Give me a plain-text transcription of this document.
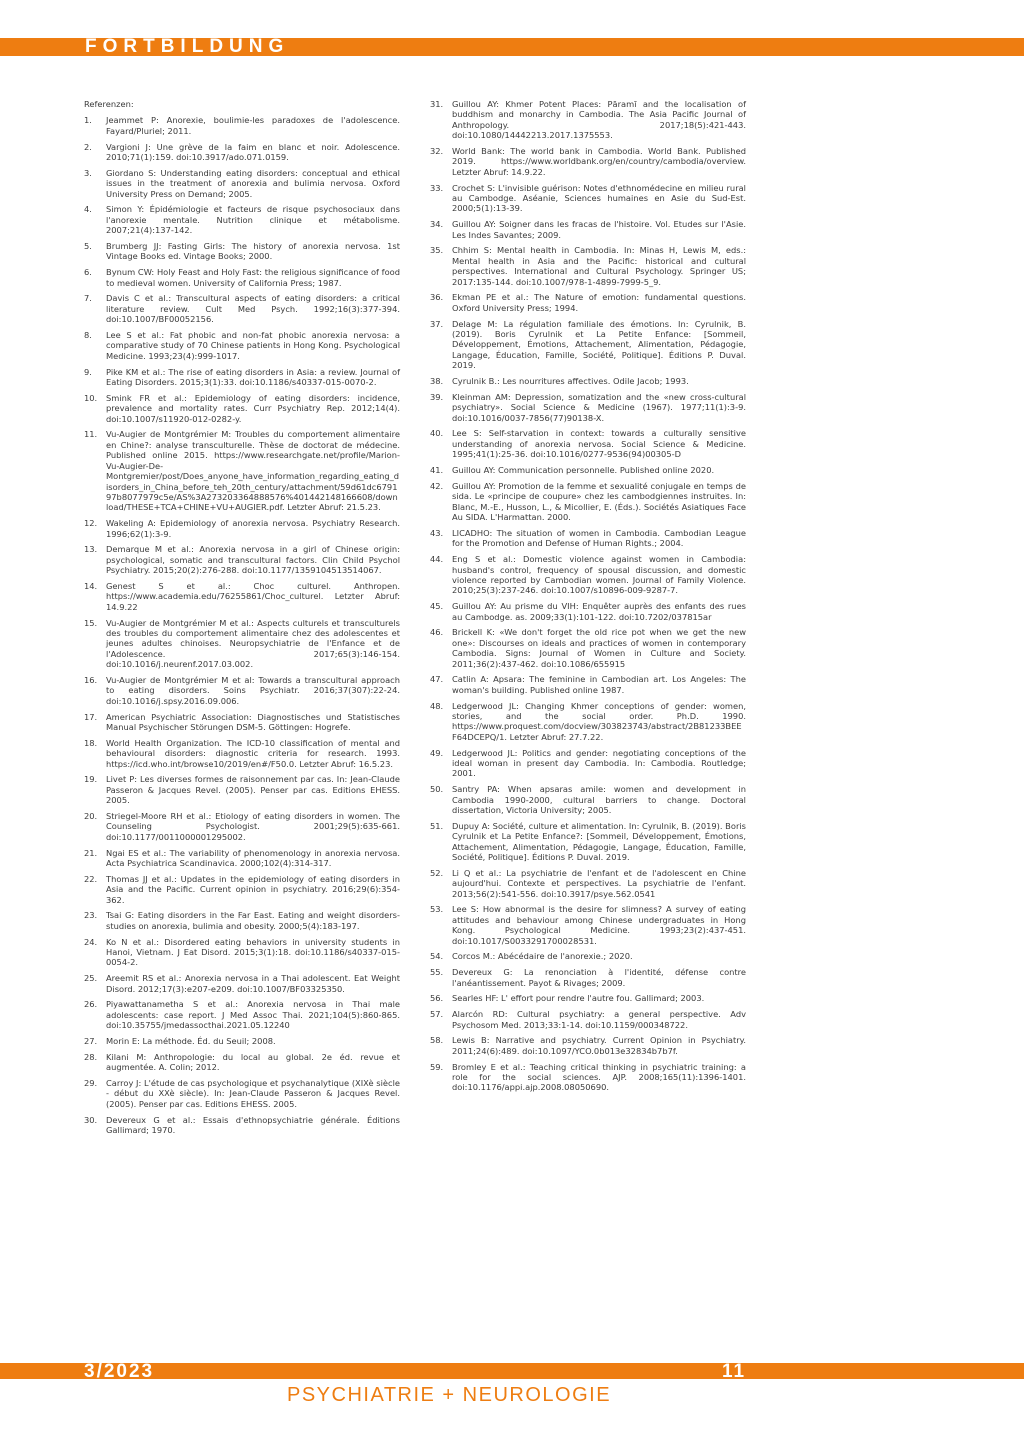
FORTBILDUNG
Referenzen:
1.	Jeammet P: Anorexie, boulimie-les paradoxes de l'adolescence. Fayard/Pluriel; 2011.
2.	Vargioni J: Une grève de la faim en blanc et noir. Adolescence. 2010;71(1):159. doi:10.3917/ado.071.0159.
3.	Giordano S: Understanding eating disorders: conceptual and ethical issues in the treatment of anorexia and bulimia nervosa. Oxford University Press on Demand; 2005.
4.	Simon Y: Épidémiologie et facteurs de risque psychosociaux dans l'anorexie mentale. Nutrition clinique et métabolisme. 2007;21(4):137-142.
5.	Brumberg JJ: Fasting Girls: The history of anorexia nervosa. 1st Vintage Books ed. Vintage Books; 2000.
6.	Bynum CW: Holy Feast and Holy Fast: the religious significance of food to medieval women. University of California Press; 1987.
7.	Davis C et al.: Transcultural aspects of eating disorders: a critical literature review. Cult Med Psych. 1992;16(3):377-394. doi:10.1007/BF00052156.
8.	Lee S et al.: Fat phobic and non-fat phobic anorexia nervosa: a comparative study of 70 Chinese patients in Hong Kong. Psychological Medicine. 1993;23(4):999-1017.
9.	Pike KM et al.: The rise of eating disorders in Asia: a review. Journal of Eating Disorders. 2015;3(1):33. doi:10.1186/s40337-015-0070-2.
10.	Smink FR et al.: Epidemiology of eating disorders: incidence, prevalence and mortality rates. Curr Psychiatry Rep. 2012;14(4). doi:10.1007/s11920-012-0282-y.
11.	Vu-Augier de Montgrémier M: Troubles du comportement alimentaire en Chine?: analyse transculturelle. Thèse de doctorat de médecine. Published online 2015. https://www.researchgate.net/profile/Marion-Vu-Augier-De-Montgremier/post/Does_anyone_have_information_regarding_eating_disorders_in_China_before_teh_20th_century/attachment/59d61dc679197b8077979c5e/AS%3A273203364888576%401442148166608/download/THESE+TCA+CHINE+VU+AUGIER.pdf. Letzter Abruf: 21.5.23.
12.	Wakeling A: Epidemiology of anorexia nervosa. Psychiatry Research. 1996;62(1):3-9.
13.	Demarque M et al.: Anorexia nervosa in a girl of Chinese origin: psychological, somatic and transcultural factors. Clin Child Psychol Psychiatry. 2015;20(2):276-288. doi:10.1177/1359104513514067.
14.	Genest S et al.: Choc culturel. Anthropen. https://www.academia.edu/76255861/Choc_culturel. Letzter Abruf: 14.9.22
15.	Vu-Augier de Montgrémier M et al.: Aspects culturels et transculturels des troubles du comportement alimentaire chez des adolescentes et jeunes adultes chinoises. Neuropsychiatrie de l'Enfance et de l'Adolescence. 2017;65(3):146-154. doi:10.1016/j.neurenf.2017.03.002.
16.	Vu-Augier de Montgrémier M et al: Towards a transcultural approach to eating disorders. Soins Psychiatr. 2016;37(307):22-24. doi:10.1016/j.spsy.2016.09.006.
17.	American Psychiatric Association: Diagnostisches und Statistisches Manual Psychischer Störungen DSM-5. Göttingen: Hogrefe.
18.	World Health Organization. The ICD-10 classification of mental and behavioural disorders: diagnostic criteria for research. 1993. https://icd.who.int/browse10/2019/en#/F50.0. Letzter Abruf: 16.5.23.
19.	Livet P: Les diverses formes de raisonnement par cas. In: Jean-Claude Passeron & Jacques Revel. (2005). Penser par cas. Editions EHESS. 2005.
20.	Striegel-Moore RH et al.: Etiology of eating disorders in women. The Counseling Psychologist. 2001;29(5):635-661. doi:10.1177/0011000001295002.
21.	Ngai ES et al.: The variability of phenomenology in anorexia nervosa. Acta Psychiatrica Scandinavica. 2000;102(4):314-317.
22.	Thomas JJ et al.: Updates in the epidemiology of eating disorders in Asia and the Pacific. Current opinion in psychiatry. 2016;29(6):354-362.
23.	Tsai G: Eating disorders in the Far East. Eating and weight disorders-studies on anorexia, bulimia and obesity. 2000;5(4):183-197.
24.	Ko N et al.: Disordered eating behaviors in university students in Hanoi, Vietnam. J Eat Disord. 2015;3(1):18. doi:10.1186/s40337-015-0054-2.
25.	Areemit RS et al.: Anorexia nervosa in a Thai adolescent. Eat Weight Disord. 2012;17(3):e207-e209. doi:10.1007/BF03325350.
26.	Piyawattanametha S et al.: Anorexia nervosa in Thai male adolescents: case report. J Med Assoc Thai. 2021;104(5):860-865. doi:10.35755/jmedassocthai.2021.05.12240
27.	Morin E: La méthode. Éd. du Seuil; 2008.
28.	Kilani M: Anthropologie: du local au global. 2e éd. revue et augmentée. A. Colin; 2012.
29.	Carroy J: L'étude de cas psychologique et psychanalytique (XIXè siècle - début du XXè siècle). In: Jean-Claude Passeron & Jacques Revel. (2005). Penser par cas. Editions EHESS. 2005.
30.	Devereux G et al.: Essais d'ethnopsychiatrie générale. Éditions Gallimard; 1970.
31.	Guillou AY: Khmer Potent Places: Pāramī and the localisation of buddhism and monarchy in Cambodia. The Asia Pacific Journal of Anthropology. 2017;18(5):421-443. doi:10.1080/14442213.2017.1375553.
32.	World Bank: The world bank in Cambodia. World Bank. Published 2019. https://www.worldbank.org/en/country/cambodia/overview. Letzter Abruf: 14.9.22.
33.	Crochet S: L'invisible guérison: Notes d'ethnomédecine en milieu rural au Cambodge. Aséanie, Sciences humaines en Asie du Sud-Est. 2000;5(1):13-39.
34.	Guillou AY: Soigner dans les fracas de l'histoire. Vol. Etudes sur l'Asie. Les Indes Savantes; 2009.
35.	Chhim S: Mental health in Cambodia. In: Minas H, Lewis M, eds.: Mental health in Asia and the Pacific: historical and cultural perspectives. International and Cultural Psychology. Springer US; 2017:135-144. doi:10.1007/978-1-4899-7999-5_9.
36.	Ekman PE et al.: The Nature of emotion: fundamental questions. Oxford University Press; 1994.
37.	Delage M: La régulation familiale des émotions. In: Cyrulnik, B. (2019). Boris Cyrulnik et La Petite Enfance: [Sommeil, Développement, Émotions, Attachement, Alimentation, Pédagogie, Langage, Éducation, Famille, Société, Politique]. Éditions P. Duval. 2019.
38.	Cyrulnik B.: Les nourritures affectives. Odile Jacob; 1993.
39.	Kleinman AM: Depression, somatization and the «new cross-cultural psychiatry». Social Science & Medicine (1967). 1977;11(1):3-9. doi:10.1016/0037-7856(77)90138-X.
40.	Lee S: Self-starvation in context: towards a culturally sensitive understanding of anorexia nervosa. Social Science & Medicine. 1995;41(1):25-36. doi:10.1016/0277-9536(94)00305-D
41.	Guillou AY: Communication personnelle. Published online 2020.
42.	Guillou AY: Promotion de la femme et sexualité conjugale en temps de sida. Le «principe de coupure» chez les cambodgiennes instruites. In: Blanc, M.-E., Husson, L., & Micollier, E. (Éds.). Sociétés Asiatiques Face Au SIDA. L'Harmattan. 2000.
43.	LICADHO: The situation of women in Cambodia. Cambodian League for the Promotion and Defense of Human Rights.; 2004.
44.	Eng S et al.: Domestic violence against women in Cambodia: husband's control, frequency of spousal discussion, and domestic violence reported by Cambodian women. Journal of Family Violence. 2010;25(3):237-246. doi:10.1007/s10896-009-9287-7.
45.	Guillou AY: Au prisme du VIH: Enquêter auprès des enfants des rues au Cambodge. as. 2009;33(1):101-122. doi:10.7202/037815ar
46.	Brickell K: «We don't forget the old rice pot when we get the new one»: Discourses on ideals and practices of women in contemporary Cambodia. Signs: Journal of Women in Culture and Society. 2011;36(2):437-462. doi:10.1086/655915
47.	Catlin A: Apsara: The feminine in Cambodian art. Los Angeles: The woman's building. Published online 1987.
48.	Ledgerwood JL: Changing Khmer conceptions of gender: women, stories, and the social order. Ph.D. 1990. https://www.proquest.com/docview/303823743/abstract/2B81233BEEF64DCEPQ/1. Letzter Abruf: 27.7.22.
49.	Ledgerwood JL: Politics and gender: negotiating conceptions of the ideal woman in present day Cambodia. In: Cambodia. Routledge; 2001.
50.	Santry PA: When apsaras amile: women and development in Cambodia 1990-2000, cultural barriers to change. Doctoral dissertation, Victoria University; 2005.
51.	Dupuy A: Société, culture et alimentation. In: Cyrulnik, B. (2019). Boris Cyrulnik et La Petite Enfance?: [Sommeil, Développement, Émotions, Attachement, Alimentation, Pédagogie, Langage, Éducation, Famille, Société, Politique]. Éditions P. Duval. 2019.
52.	Li Q et al.: La psychiatrie de l'enfant et de l'adolescent en Chine aujourd'hui. Contexte et perspectives. La psychiatrie de l'enfant. 2013;56(2):541-556. doi:10.3917/psye.562.0541
53.	Lee S: How abnormal is the desire for slimness? A survey of eating attitudes and behaviour among Chinese undergraduates in Hong Kong. Psychological Medicine. 1993;23(2):437-451. doi:10.1017/S0033291700028531.
54.	Corcos M.: Abécédaire de l'anorexie.; 2020.
55.	Devereux G: La renonciation à l'identité, défense contre l'anéantissement. Payot & Rivages; 2009.
56.	Searles HF: L' effort pour rendre l'autre fou. Gallimard; 2003.
57.	Alarcón RD: Cultural psychiatry: a general perspective. Adv Psychosom Med. 2013;33:1-14. doi:10.1159/000348722.
58.	Lewis B: Narrative and psychiatry. Current Opinion in Psychiatry. 2011;24(6):489. doi:10.1097/YCO.0b013e32834b7b7f.
59.	Bromley E et al.: Teaching critical thinking in psychiatric training: a role for the social sciences. AJP. 2008;165(11):1396-1401. doi:10.1176/appi.ajp.2008.08050690.
3/2023	11
PSYCHIATRIE + NEUROLOGIE
